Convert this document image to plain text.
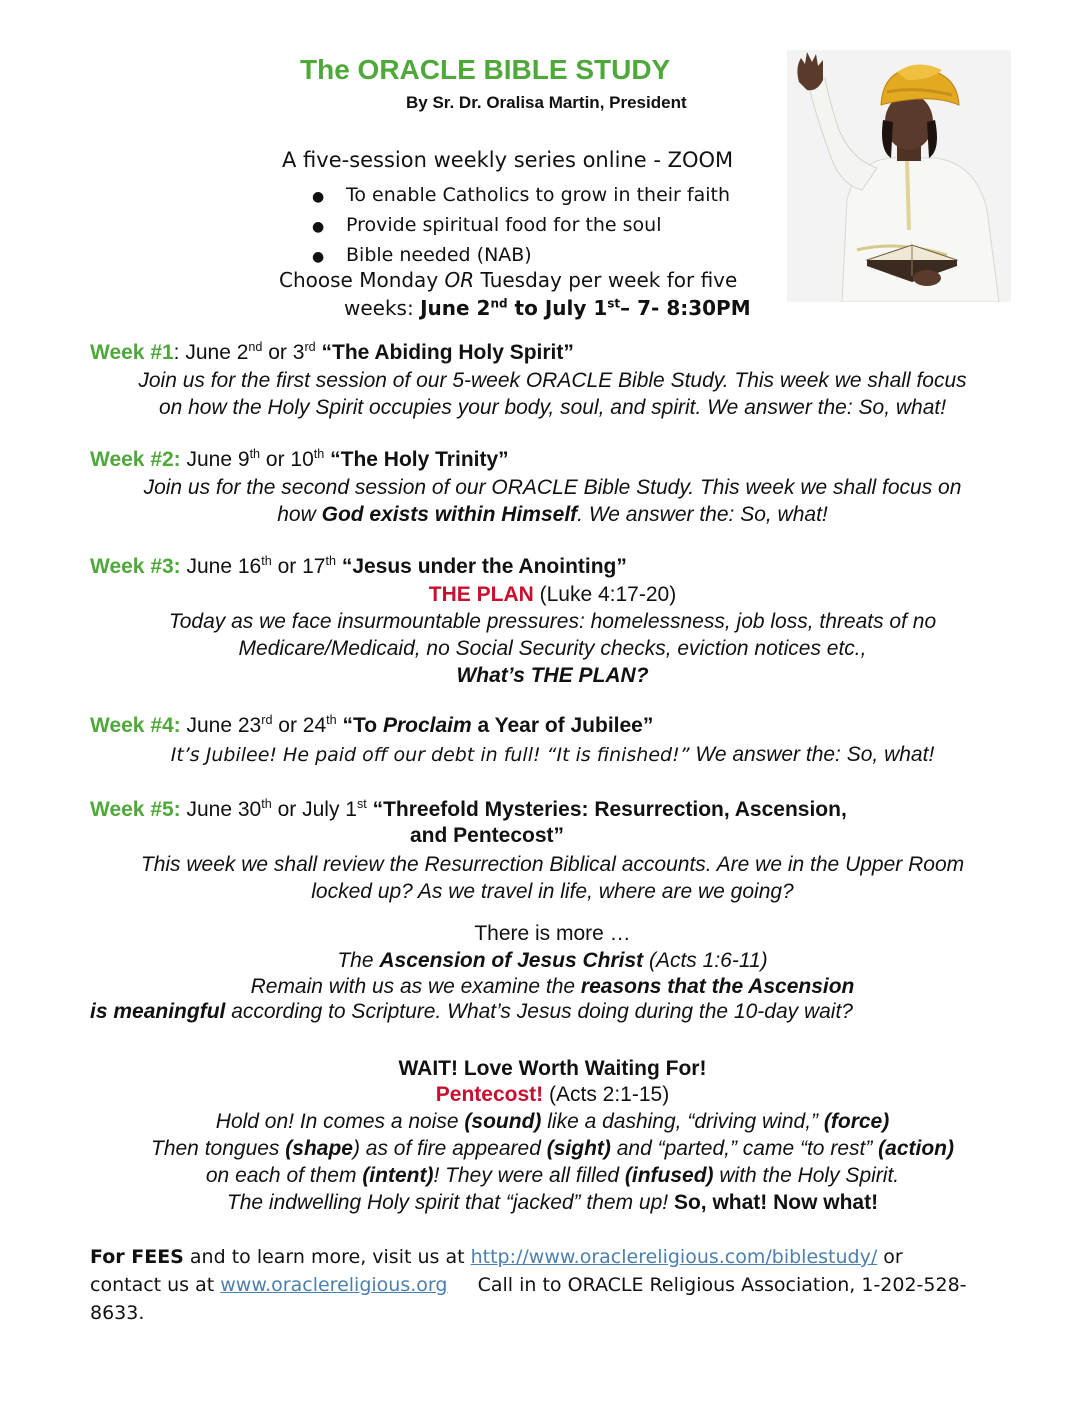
The ORACLE BIBLE STUDY
By Sr. Dr. Oralisa Martin, President
A five-session weekly series online - ZOOM
● To enable Catholics to grow in their faith
● Provide spiritual food for the soul
● Bible needed (NAB)
Choose Monday OR Tuesday per week for five
weeks: June 2nd to July 1st– 7- 8:30PM
Week #1: June 2nd or 3rd “The Abiding Holy Spirit”
Join us for the first session of our 5-week ORACLE Bible Study. This week we shall focus
on how the Holy Spirit occupies your body, soul, and spirit. We answer the: So, what!
Week #2: June 9th or 10th “The Holy Trinity”
Join us for the second session of our ORACLE Bible Study. This week we shall focus on
how God exists within Himself. We answer the: So, what!
Week #3: June 16th or 17th “Jesus under the Anointing”
THE PLAN (Luke 4:17-20)
Today as we face insurmountable pressures: homelessness, job loss, threats of no
Medicare/Medicaid, no Social Security checks, eviction notices etc.,
What’s THE PLAN?
Week #4: June 23rd or 24th “To Proclaim a Year of Jubilee”
It’s Jubilee! He paid off our debt in full! “It is finished!” We answer the: So, what!
Week #5: June 30th or July 1st “Threefold Mysteries: Resurrection, Ascension,
and Pentecost”
This week we shall review the Resurrection Biblical accounts. Are we in the Upper Room
locked up? As we travel in life, where are we going?
There is more …
The Ascension of Jesus Christ (Acts 1:6-11)
Remain with us as we examine the reasons that the Ascension
is meaningful according to Scripture. What’s Jesus doing during the 10-day wait?
WAIT! Love Worth Waiting For!
Pentecost! (Acts 2:1-15)
Hold on! In comes a noise (sound) like a dashing, “driving wind,” (force)
Then tongues (shape) as of fire appeared (sight) and “parted,” came “to rest” (action)
on each of them (intent)! They were all filled (infused) with the Holy Spirit.
The indwelling Holy spirit that “jacked” them up! So, what! Now what!
For FEES and to learn more, visit us at http://www.oraclereligious.com/biblestudy/ or
contact us at www.oraclereligious.org     Call in to ORACLE Religious Association, 1-202-528-
8633.
